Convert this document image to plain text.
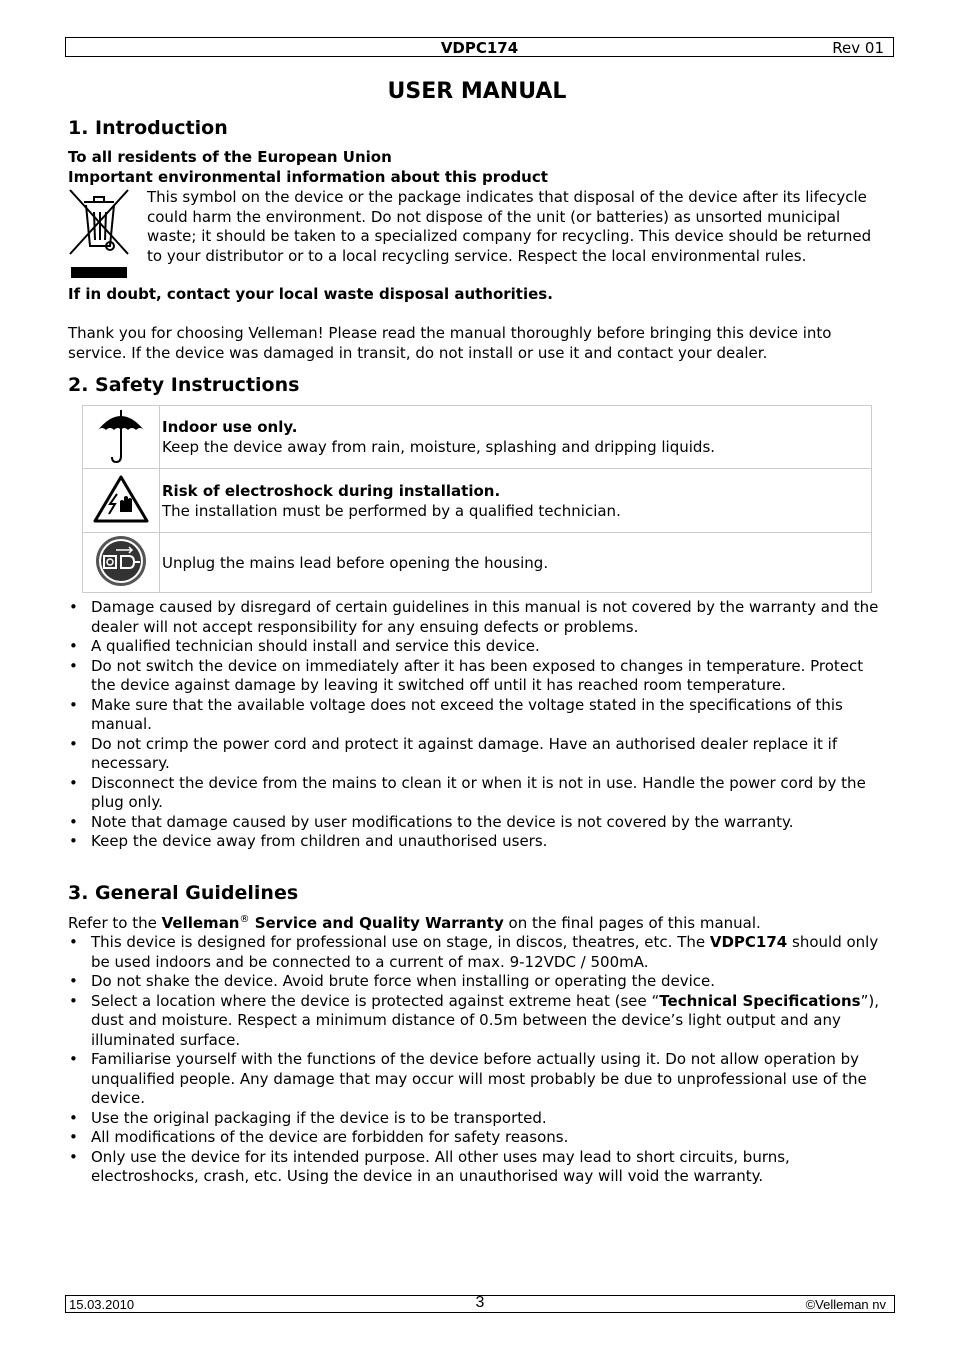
VDPC174	Rev 01
USER MANUAL
1. Introduction
To all residents of the European Union
Important environmental information about this product
This symbol on the device or the package indicates that disposal of the device after its lifecycle could harm the environment. Do not dispose of the unit (or batteries) as unsorted municipal waste; it should be taken to a specialized company for recycling. This device should be returned to your distributor or to a local recycling service. Respect the local environmental rules.
If in doubt, contact your local waste disposal authorities.
Thank you for choosing Velleman! Please read the manual thoroughly before bringing this device into service. If the device was damaged in transit, do not install or use it and contact your dealer.
2. Safety Instructions
	Indoor use only.
Keep the device away from rain, moisture, splashing and dripping liquids.
	Risk of electroshock during installation.
The installation must be performed by a qualified technician.
	Unplug the mains lead before opening the housing.
• Damage caused by disregard of certain guidelines in this manual is not covered by the warranty and the dealer will not accept responsibility for any ensuing defects or problems.
• A qualified technician should install and service this device.
• Do not switch the device on immediately after it has been exposed to changes in temperature. Protect the device against damage by leaving it switched off until it has reached room temperature.
• Make sure that the available voltage does not exceed the voltage stated in the specifications of this manual.
• Do not crimp the power cord and protect it against damage. Have an authorised dealer replace it if necessary.
• Disconnect the device from the mains to clean it or when it is not in use. Handle the power cord by the plug only.
• Note that damage caused by user modifications to the device is not covered by the warranty.
• Keep the device away from children and unauthorised users.
3. General Guidelines
Refer to the Velleman® Service and Quality Warranty on the final pages of this manual.
• This device is designed for professional use on stage, in discos, theatres, etc. The VDPC174 should only be used indoors and be connected to a current of max. 9-12VDC / 500mA.
• Do not shake the device. Avoid brute force when installing or operating the device.
• Select a location where the device is protected against extreme heat (see “Technical Specifications”), dust and moisture. Respect a minimum distance of 0.5m between the device’s light output and any illuminated surface.
• Familiarise yourself with the functions of the device before actually using it. Do not allow operation by unqualified people. Any damage that may occur will most probably be due to unprofessional use of the device.
• Use the original packaging if the device is to be transported.
• All modifications of the device are forbidden for safety reasons.
• Only use the device for its intended purpose. All other uses may lead to short circuits, burns, electroshocks, crash, etc. Using the device in an unauthorised way will void the warranty.
15.03.2010	3	©Velleman nv
